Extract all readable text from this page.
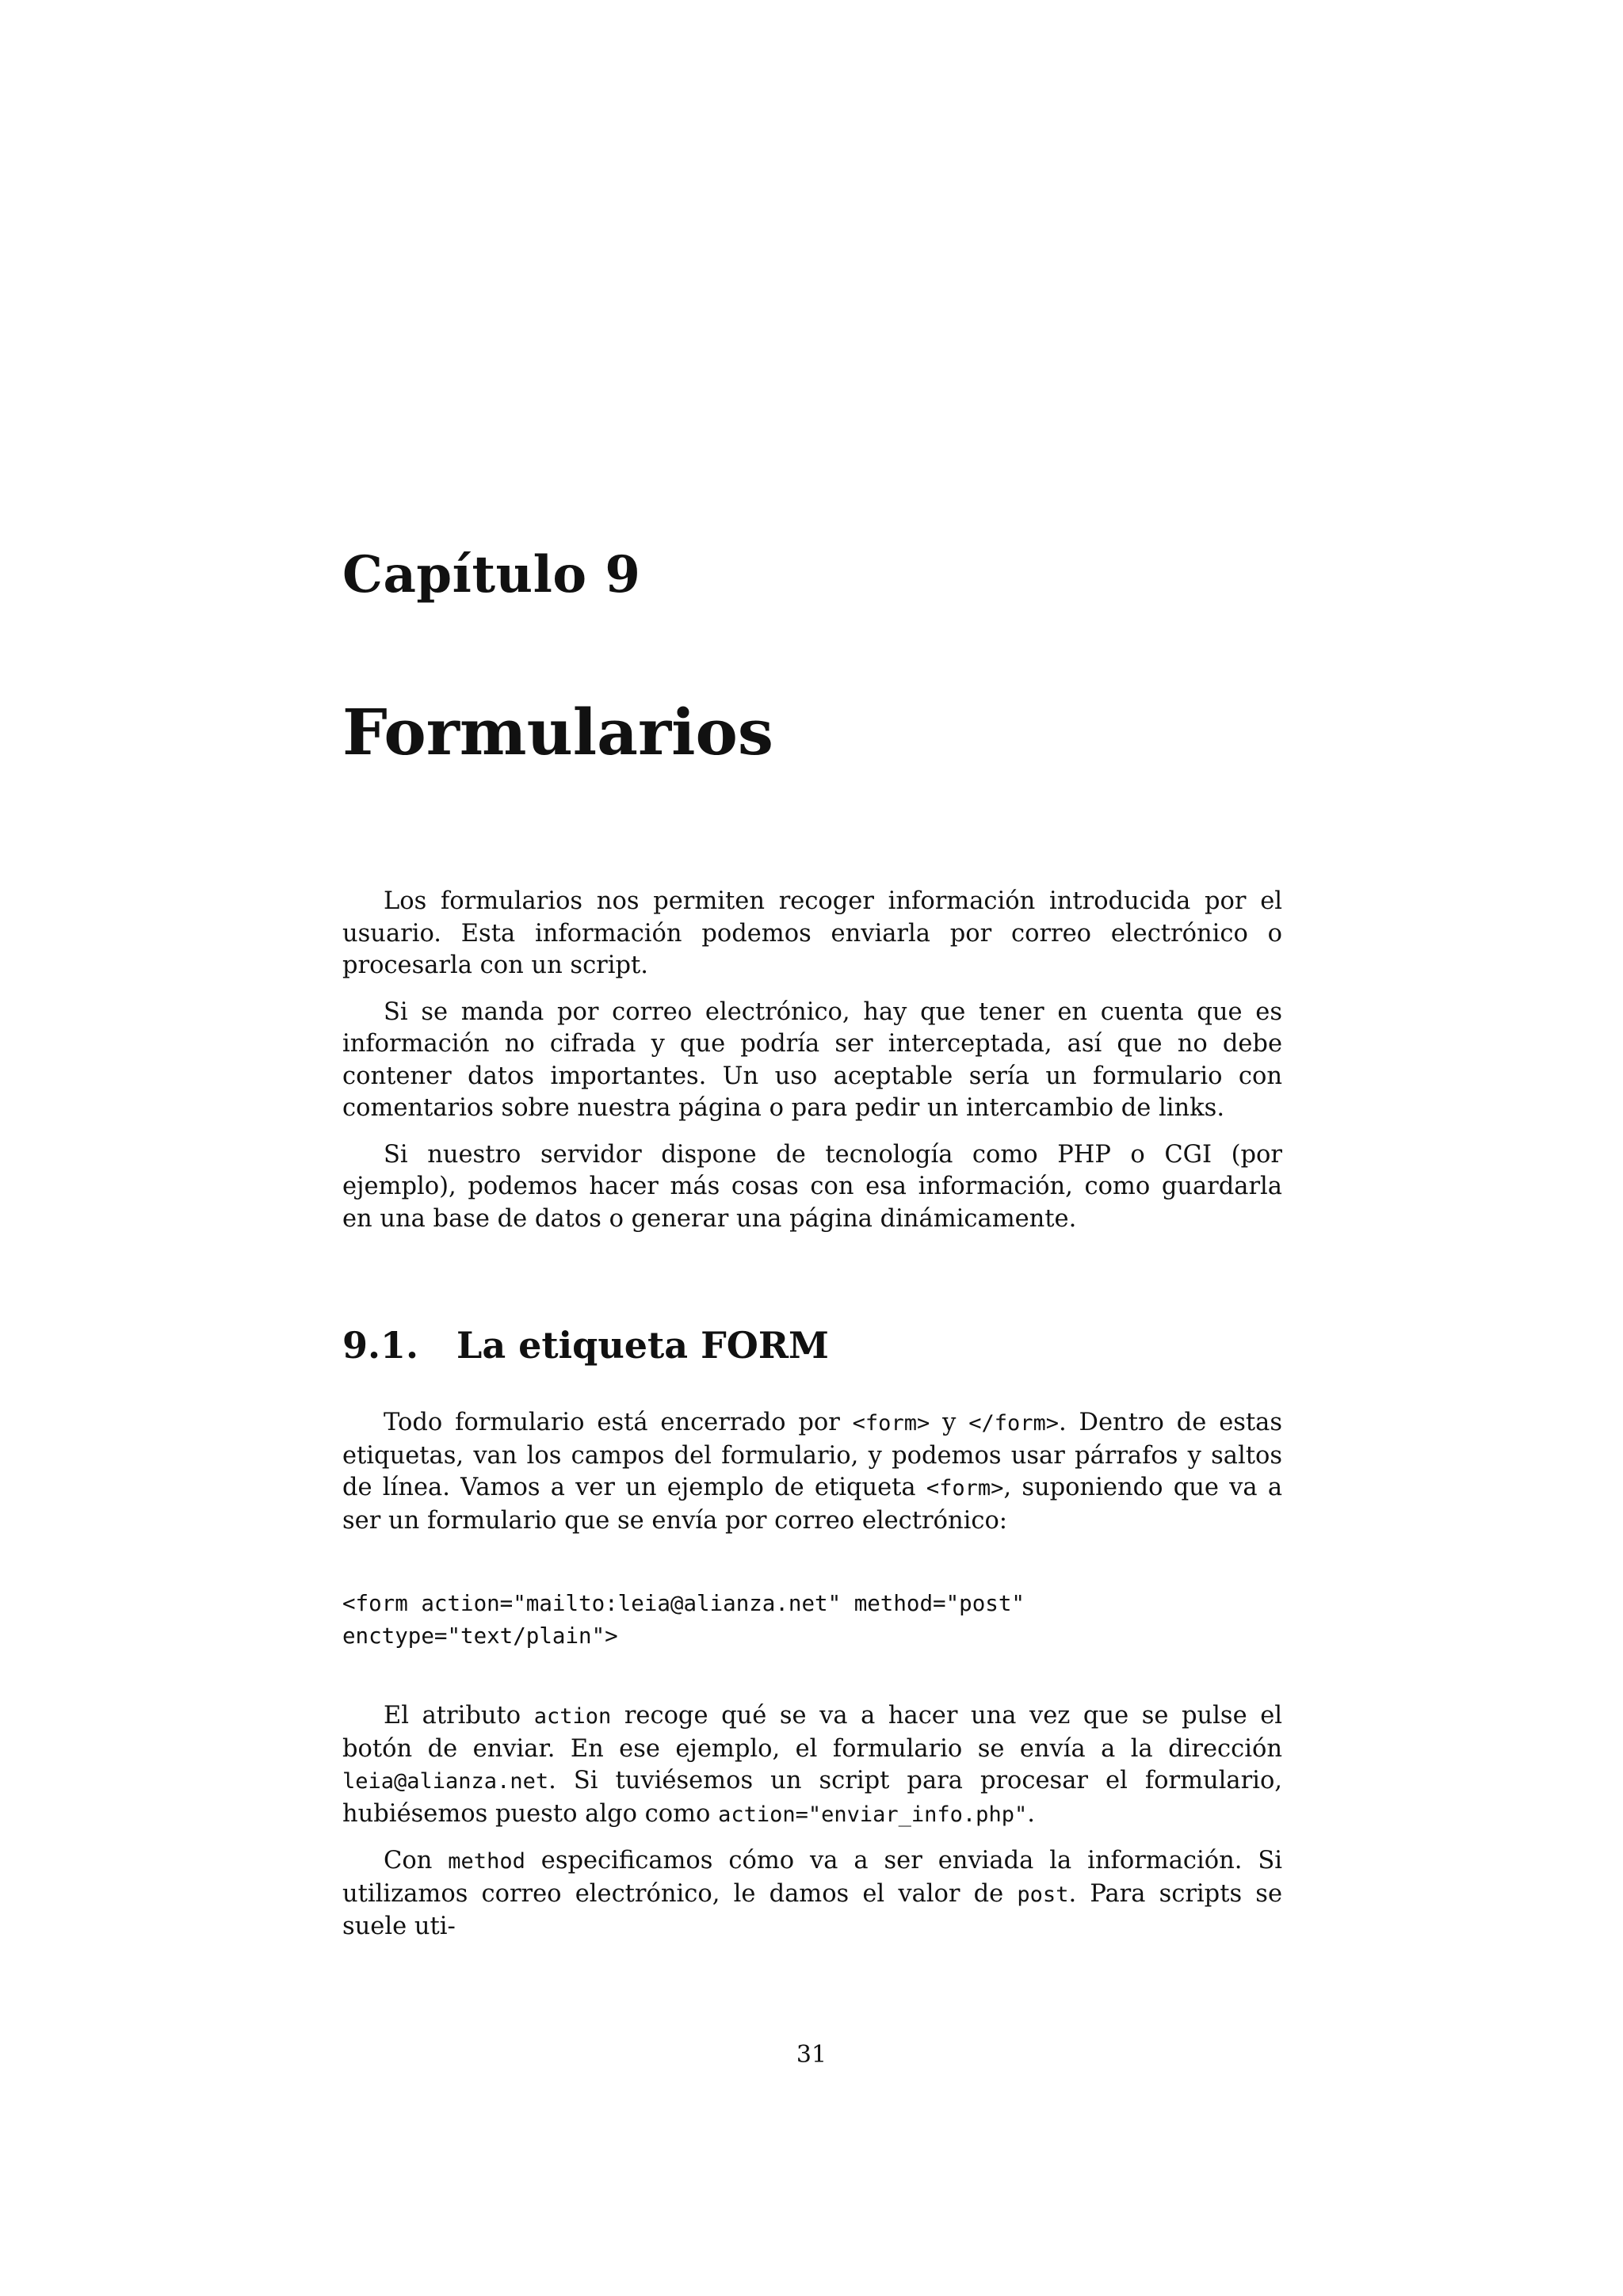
Capítulo 9
Formularios

Los formularios nos permiten recoger información introducida por el usuario. Esta información podemos enviarla por correo electrónico o procesarla con un script.

Si se manda por correo electrónico, hay que tener en cuenta que es información no cifrada y que podría ser interceptada, así que no debe contener datos importantes. Un uso aceptable sería un formulario con comentarios sobre nuestra página o para pedir un intercambio de links.

Si nuestro servidor dispone de tecnología como PHP o CGI (por ejemplo), podemos hacer más cosas con esa información, como guardarla en una base de datos o generar una página dinámicamente.

9.1. La etiqueta FORM

Todo formulario está encerrado por <form> y </form>. Dentro de estas etiquetas, van los campos del formulario, y podemos usar párrafos y saltos de línea. Vamos a ver un ejemplo de etiqueta <form>, suponiendo que va a ser un formulario que se envía por correo electrónico:

<form action="mailto:leia@alianza.net" method="post"
enctype="text/plain">

El atributo action recoge qué se va a hacer una vez que se pulse el botón de enviar. En ese ejemplo, el formulario se envía a la dirección leia@alianza.net. Si tuviésemos un script para procesar el formulario, hubiésemos puesto algo como action="enviar_info.php".

Con method especificamos cómo va a ser enviada la información. Si utilizamos correo electrónico, le damos el valor de post. Para scripts se suele uti-

31
